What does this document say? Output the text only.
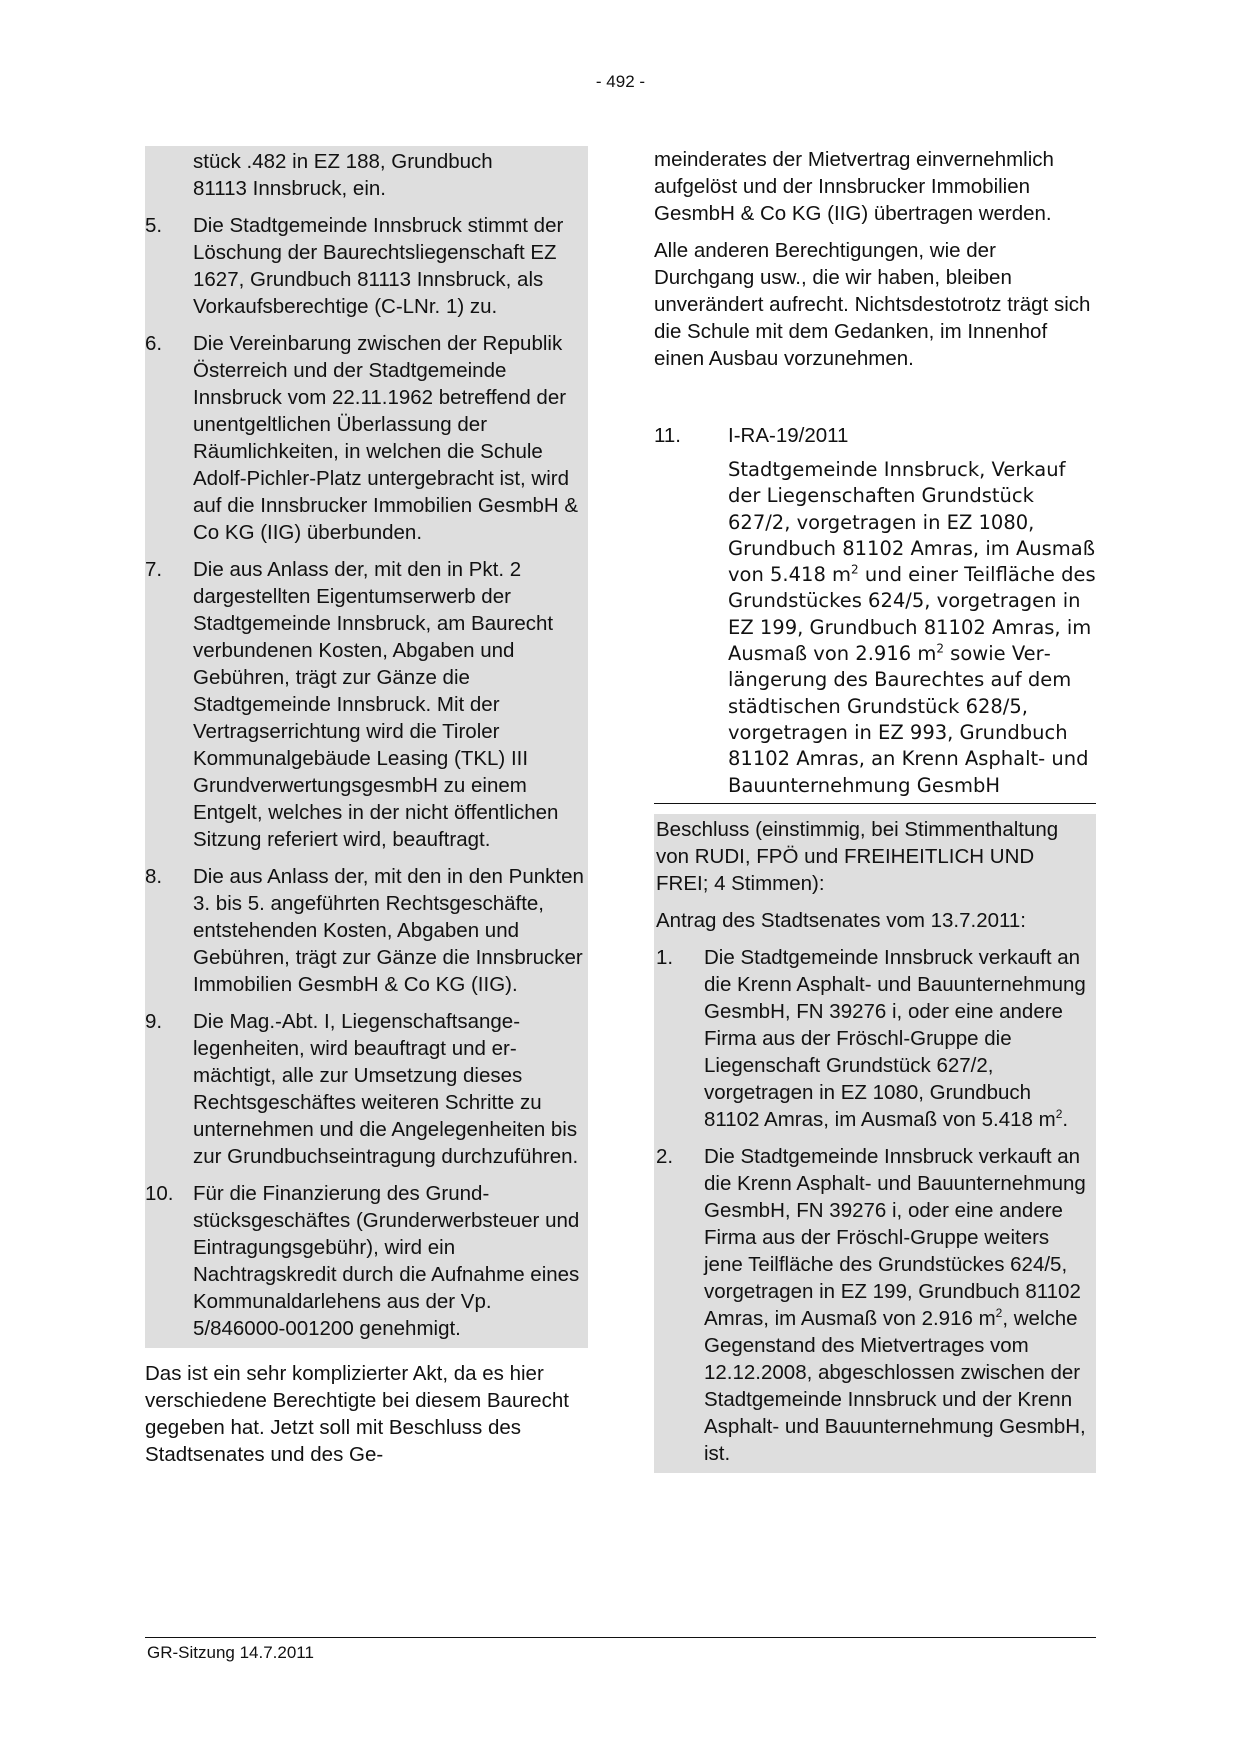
- 492 -
stück .482 in EZ 188, Grundbuch
81113 Innsbruck, ein.
5.	Die Stadtgemeinde Innsbruck stimmt der Löschung der Baurechtsliegenschaft EZ 1627, Grundbuch 81113 Innsbruck, als Vorkaufsberechtige (C-LNr. 1) zu.
6.	Die Vereinbarung zwischen der Republik Österreich und der Stadtgemeinde Innsbruck vom 22.11.1962 betreffend der unentgeltlichen Überlassung der Räumlichkeiten, in welchen die Schule Adolf-Pichler-Platz untergebracht ist, wird auf die Innsbrucker Immobilien GesmbH & Co KG (IIG) überbunden.
7.	Die aus Anlass der, mit den in Pkt. 2 dargestellten Eigentumserwerb der Stadtgemeinde Innsbruck, am Baurecht verbundenen Kosten, Abgaben und Gebühren, trägt zur Gänze die Stadtgemeinde Innsbruck. Mit der Vertragserrichtung wird die Tiroler Kommunalgebäude Leasing (TKL) III GrundverwertungsgesmbH zu einem Entgelt, welches in der nicht öffentlichen Sitzung referiert wird, beauftragt.
8.	Die aus Anlass der, mit den in den Punkten 3. bis 5. angeführten Rechtsgeschäfte, entstehenden Kosten, Abgaben und Gebühren, trägt zur Gänze die Innsbrucker Immobilien GesmbH & Co KG (IIG).
9.	Die Mag.-Abt. I, Liegenschaftsangelegenheiten, wird beauftragt und ermächtigt, alle zur Umsetzung dieses Rechtsgeschäftes weiteren Schritte zu unternehmen und die Angelegenheiten bis zur Grundbuchseintragung durchzuführen.
10. Für die Finanzierung des Grundstücksgeschäftes (Grunderwerbsteuer und Eintragungsgebühr), wird ein Nachtragskredit durch die Aufnahme eines Kommunaldarlehens aus der Vp. 5/846000-001200 genehmigt.

Das ist ein sehr komplizierter Akt, da es hier verschiedene Berechtigte bei diesem Baurecht gegeben hat. Jetzt soll mit Beschluss des Stadtsenates und des Ge-

meinderates der Mietvertrag einvernehmlich aufgelöst und der Innsbrucker Immobilien GesmbH & Co KG (IIG) übertragen werden.

Alle anderen Berechtigungen, wie der Durchgang usw., die wir haben, bleiben unverändert aufrecht. Nichtsdestotrotz trägt sich die Schule mit dem Gedanken, im Innenhof einen Ausbau vorzunehmen.

11.	I-RA-19/2011
Stadtgemeinde Innsbruck, Verkauf der Liegenschaften Grundstück 627/2, vorgetragen in EZ 1080, Grundbuch 81102 Amras, im Ausmaß von 5.418 $m^2$ und einer Teilfläche des Grundstückes 624/5, vorgetragen in EZ 199, Grundbuch 81102 Amras, im Ausmaß von 2.916 $m^2$ sowie Verlängerung des Baurechtes auf dem städtischen Grundstück 628/5, vorgetragen in EZ 993, Grundbuch 81102 Amras, an Krenn Asphalt- und Bauunternehmung GesmbH

Beschluss (einstimmig, bei Stimmenthaltung von RUDI, FPÖ und FREIHEITLICH UND FREI; 4 Stimmen):

Antrag des Stadtsenates vom 13.7.2011:

1.	Die Stadtgemeinde Innsbruck verkauft an die Krenn Asphalt- und Bauunternehmung GesmbH, FN 39276 i, oder eine andere Firma aus der Fröschl-Gruppe die Liegenschaft Grundstück 627/2, vorgetragen in EZ 1080, Grundbuch 81102 Amras, im Ausmaß von 5.418 $m^2$.
2.	Die Stadtgemeinde Innsbruck verkauft an die Krenn Asphalt- und Bauunternehmung GesmbH, FN 39276 i, oder eine andere Firma aus der Fröschl-Gruppe weiters jene Teilfläche des Grundstückes 624/5, vorgetragen in EZ 199, Grundbuch 81102 Amras, im Ausmaß von 2.916 $m^2$, welche Gegenstand des Mietvertrages vom 12.12.2008, abgeschlossen zwischen der Stadtgemeinde Innsbruck und der Krenn Asphalt- und Bauunternehmung GesmbH, ist.
GR-Sitzung 14.7.2011
